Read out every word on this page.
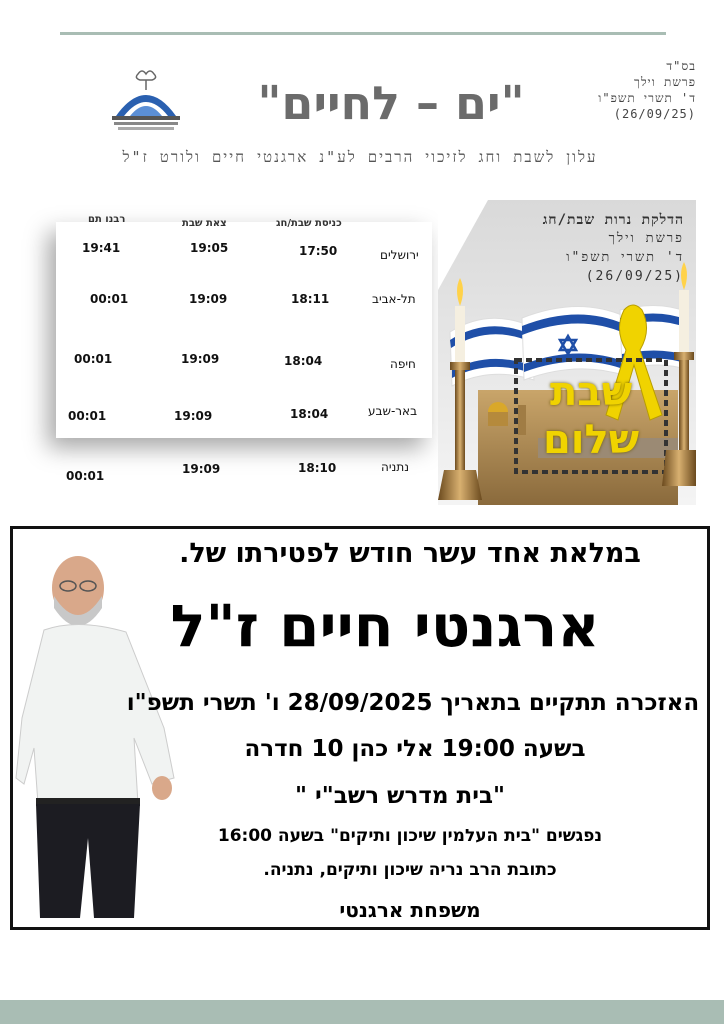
בס"ד
פרשת וילך
ד' תשרי תשפ"ו
(26/09/25)
"ים – לחיים"
עלון לשבת וחג לזיכוי הרבים לע"נ ארגנטי חיים ולורט ז"ל
כניסת שבת/חג
צאת שבת
רבנו תם
ירושלים
17:50
19:05
19:41
תל-אביב
18:11
19:09
00:01
חיפה
18:04
19:09
00:01
באר-שבע
18:04
19:09
00:01
נתניה
18:10
19:09
00:01
הדלקת נרות שבת/חג
פרשת וילך
ד' תשרי תשפ"ו
(26/09/25)
שבת
שלום
במלאת אחד עשר חודש לפטירתו של.
ארגנטי חיים ז"ל
האזכרה תתקיים בתאריך 28/09/2025 ו' תשרי תשפ"ו
בשעה 19:00 אלי כהן 10 חדרה
"בית מדרש רשב"י "
נפגשים "בית העלמין שיכון ותיקים" בשעה 16:00
כתובת הרב נריה שיכון ותיקים, נתניה.
משפחת ארגנטי
